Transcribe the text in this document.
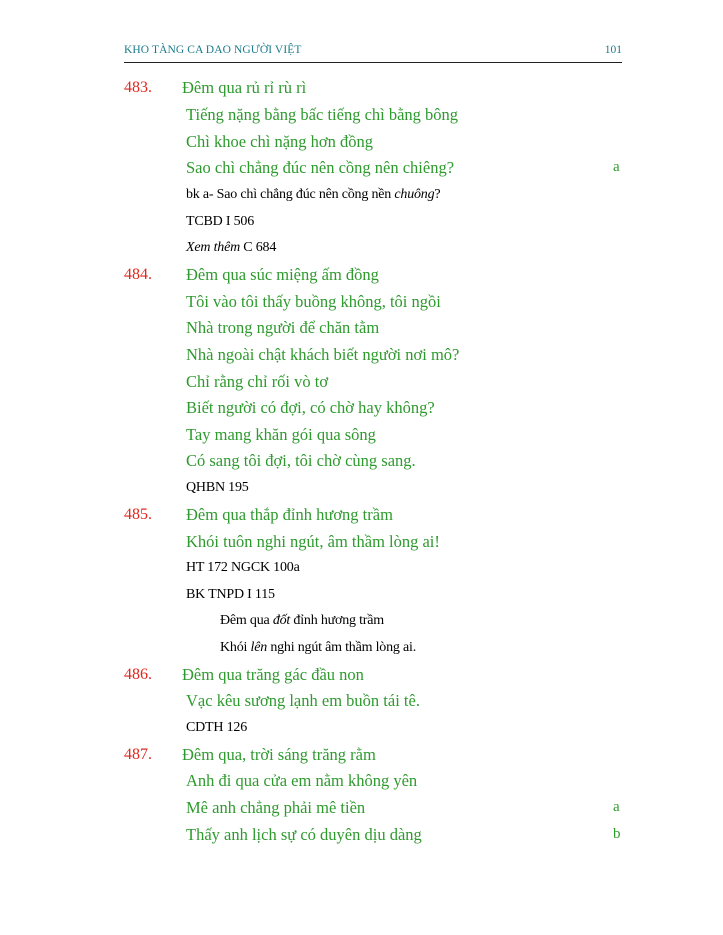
KHO TÀNG CA DAO NGƯỜI VIỆT	101
483. Đêm qua rủ rỉ rù rì
Tiếng nặng bằng bấc tiếng chì bằng bông
Chì khoe chì nặng hơn đồng
Sao chì chẳng đúc nên cồng nên chiêng?	a
bk a- Sao chì chẳng đúc nên cồng nền chuông?
TCBD I 506
Xem thêm C 684
484. Đêm qua súc miệng ấm đồng
Tôi vào tôi thấy buồng không, tôi ngồi
Nhà trong người để chăn tằm
Nhà ngoài chật khách biết người nơi mô?
Chỉ rằng chỉ rối vò tơ
Biết người có đợi, có chờ hay không?
Tay mang khăn gói qua sông
Có sang tôi đợi, tôi chờ cùng sang.
QHBN 195
485. Đêm qua thắp đỉnh hương trầm
Khói tuôn nghi ngút, âm thầm lòng ai!
HT 172 NGCK 100a
BK TNPD I 115
Đêm qua đốt đỉnh hương trầm
Khói lên nghi ngút âm thầm lòng ai.
486. Đêm qua trăng gác đầu non
Vạc kêu sương lạnh em buồn tái tê.
CDTH 126
487. Đêm qua, trời sáng trăng rằm
Anh đi qua cửa em nằm không yên
Mê anh chẳng phải mê tiền	a
Thấy anh lịch sự có duyên dịu dàng	b
